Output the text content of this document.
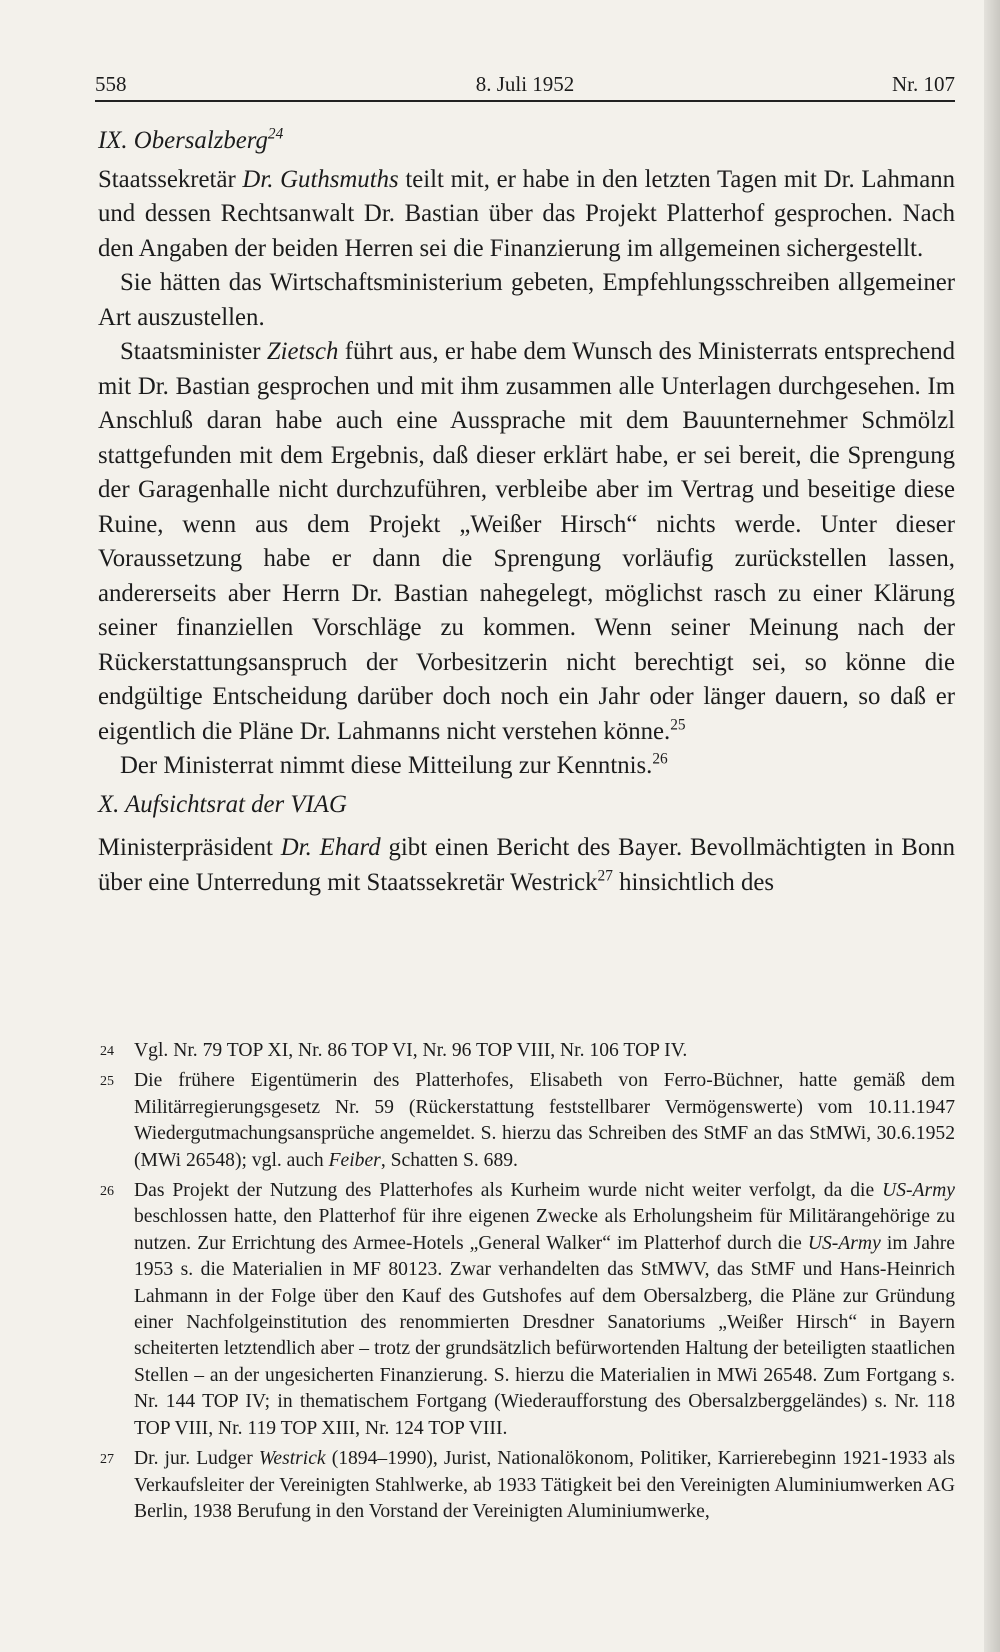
558	8. Juli 1952	Nr. 107

IX. Obersalzberg$^{24}$

Staatssekretär Dr. Guthsmuths teilt mit, er habe in den letzten Tagen mit Dr. Lahmann und dessen Rechtsanwalt Dr. Bastian über das Projekt Platterhof gesprochen. Nach den Angaben der beiden Herren sei die Finanzierung im allgemeinen sichergestellt.

Sie hätten das Wirtschaftsministerium gebeten, Empfehlungsschreiben allgemeiner Art auszustellen.

Staatsminister Zietsch führt aus, er habe dem Wunsch des Ministerrats entsprechend mit Dr. Bastian gesprochen und mit ihm zusammen alle Unterlagen durchgesehen. Im Anschluß daran habe auch eine Aussprache mit dem Bauunternehmer Schmölzl stattgefunden mit dem Ergebnis, daß dieser erklärt habe, er sei bereit, die Sprengung der Garagenhalle nicht durchzuführen, verbleibe aber im Vertrag und beseitige diese Ruine, wenn aus dem Projekt „Weißer Hirsch“ nichts werde. Unter dieser Voraussetzung habe er dann die Sprengung vorläufig zurückstellen lassen, andererseits aber Herrn Dr. Bastian nahegelegt, möglichst rasch zu einer Klärung seiner finanziellen Vorschläge zu kommen. Wenn seiner Meinung nach der Rückerstattungsanspruch der Vorbesitzerin nicht berechtigt sei, so könne die endgültige Entscheidung darüber doch noch ein Jahr oder länger dauern, so daß er eigentlich die Pläne Dr. Lahmanns nicht verstehen könne.$^{25}$

Der Ministerrat nimmt diese Mitteilung zur Kenntnis.$^{26}$

X. Aufsichtsrat der VIAG

Ministerpräsident Dr. Ehard gibt einen Bericht des Bayer. Bevollmächtigten in Bonn über eine Unterredung mit Staatssekretär Westrick$^{27}$ hinsichtlich des

24 Vgl. Nr. 79 TOP XI, Nr. 86 TOP VI, Nr. 96 TOP VIII, Nr. 106 TOP IV.
25 Die frühere Eigentümerin des Platterhofes, Elisabeth von Ferro-Büchner, hatte gemäß dem Militärregierungsgesetz Nr. 59 (Rückerstattung feststellbarer Vermögenswerte) vom 10.11.1947 Wiedergutmachungsansprüche angemeldet. S. hierzu das Schreiben des StMF an das StMWi, 30.6.1952 (MWi 26548); vgl. auch Feiber, Schatten S. 689.
26 Das Projekt der Nutzung des Platterhofes als Kurheim wurde nicht weiter verfolgt, da die US-Army beschlossen hatte, den Platterhof für ihre eigenen Zwecke als Erholungsheim für Militärangehörige zu nutzen. Zur Errichtung des Armee-Hotels „General Walker“ im Platterhof durch die US-Army im Jahre 1953 s. die Materialien in MF 80123. Zwar verhandelten das StMWV, das StMF und Hans-Heinrich Lahmann in der Folge über den Kauf des Gutshofes auf dem Obersalzberg, die Pläne zur Gründung einer Nachfolgeinstitution des renommierten Dresdner Sanatoriums „Weißer Hirsch“ in Bayern scheiterten letztendlich aber – trotz der grundsätzlich befürwortenden Haltung der beteiligten staatlichen Stellen – an der ungesicherten Finanzierung. S. hierzu die Materialien in MWi 26548. Zum Fortgang s. Nr. 144 TOP IV; in thematischem Fortgang (Wiederaufforstung des Obersalzberggeländes) s. Nr. 118 TOP VIII, Nr. 119 TOP XIII, Nr. 124 TOP VIII.
27 Dr. jur. Ludger Westrick (1894–1990), Jurist, Nationalökonom, Politiker, Karrierebeginn 1921-1933 als Verkaufsleiter der Vereinigten Stahlwerke, ab 1933 Tätigkeit bei den Vereinigten Aluminiumwerken AG Berlin, 1938 Berufung in den Vorstand der Vereinigten Aluminiumwerke,
